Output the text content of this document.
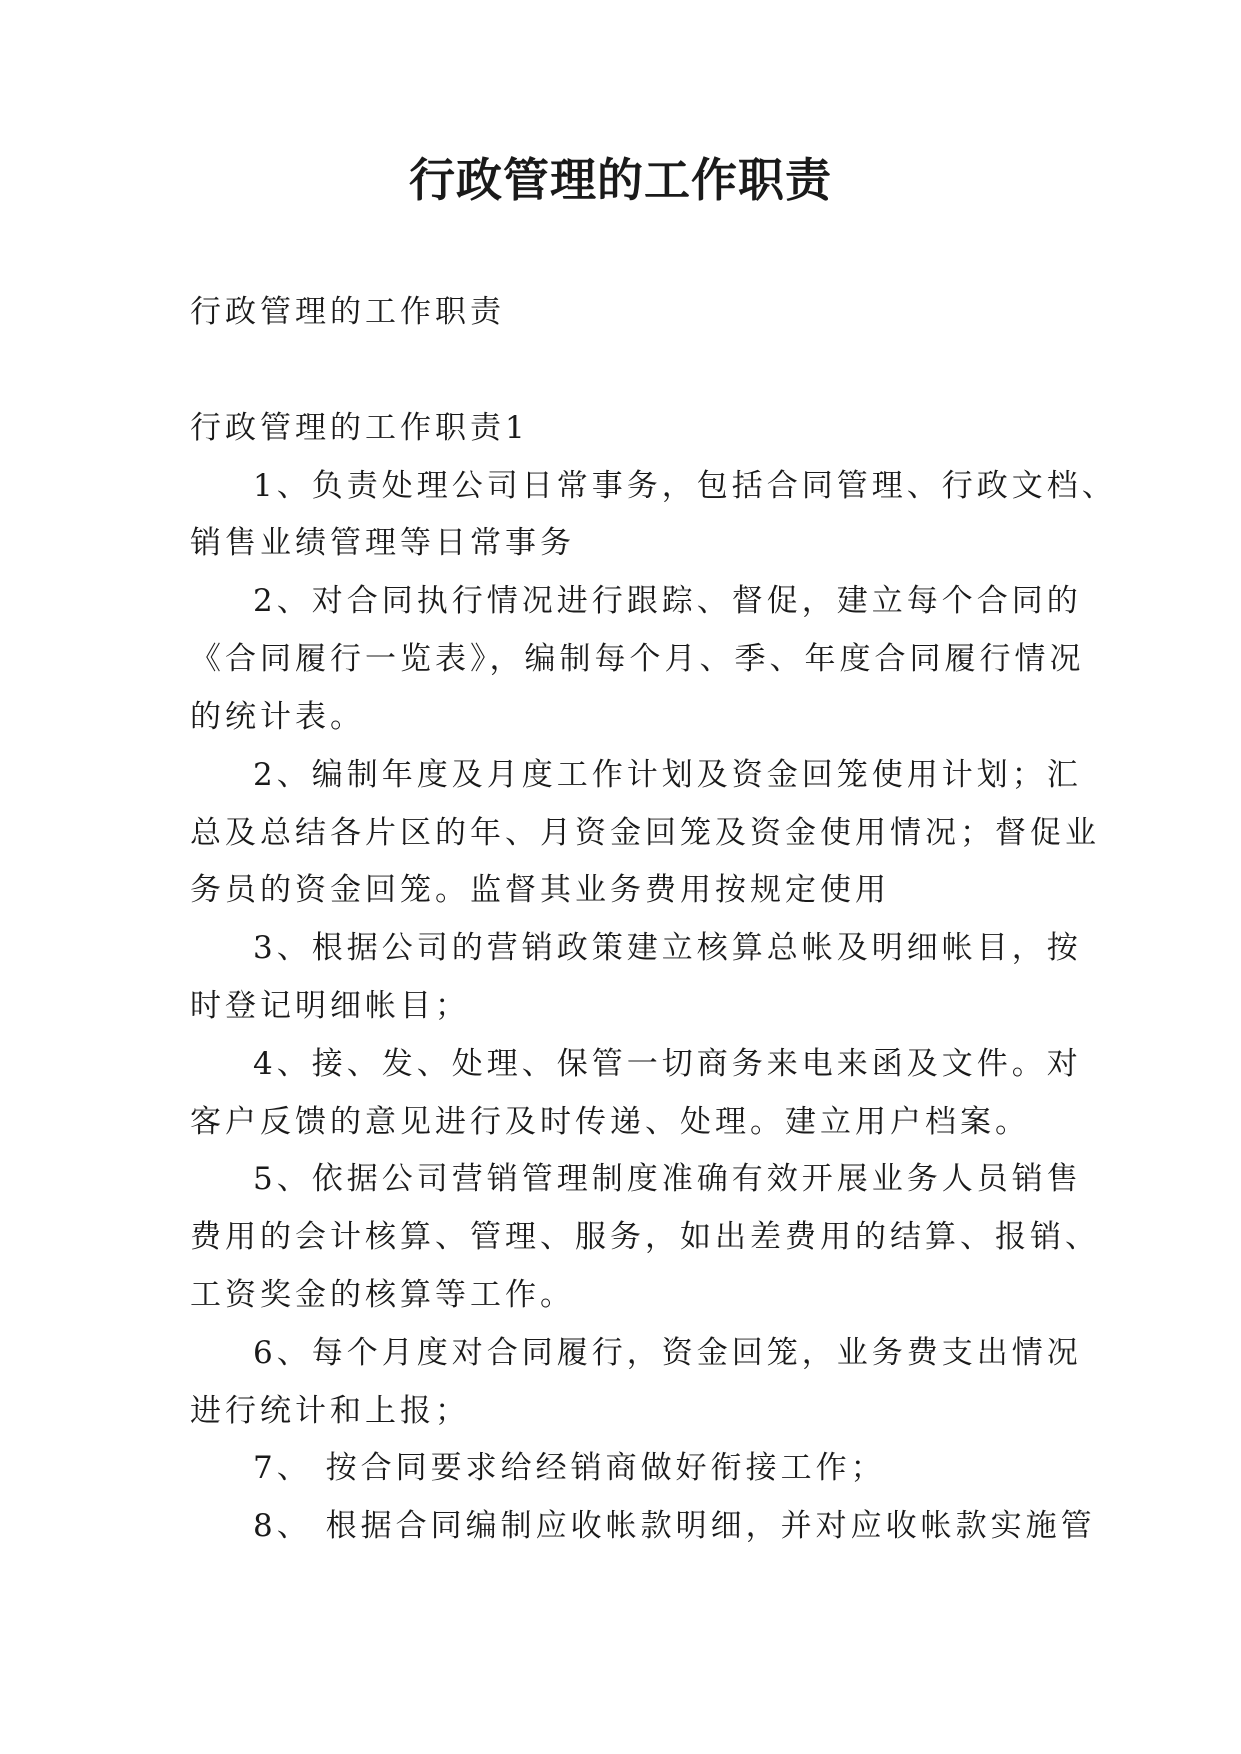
行政管理的工作职责
行政管理的工作职责
行政管理的工作职责1
1、负责处理公司日常事务，包括合同管理、行政文档、
销售业绩管理等日常事务
2、对合同执行情况进行跟踪、督促，建立每个合同的
《合同履行一览表》，编制每个月、季、年度合同履行情况
的统计表。
2、编制年度及月度工作计划及资金回笼使用计划；汇
总及总结各片区的年、月资金回笼及资金使用情况；督促业
务员的资金回笼。监督其业务费用按规定使用
3、根据公司的营销政策建立核算总帐及明细帐目，按
时登记明细帐目；
4、接、发、处理、保管一切商务来电来函及文件。对
客户反馈的意见进行及时传递、处理。建立用户档案。
5、依据公司营销管理制度准确有效开展业务人员销售
费用的会计核算、管理、服务，如出差费用的结算、报销、
工资奖金的核算等工作。
6、每个月度对合同履行，资金回笼，业务费支出情况
进行统计和上报；
7、 按合同要求给经销商做好衔接工作；
8、 根据合同编制应收帐款明细，并对应收帐款实施管
